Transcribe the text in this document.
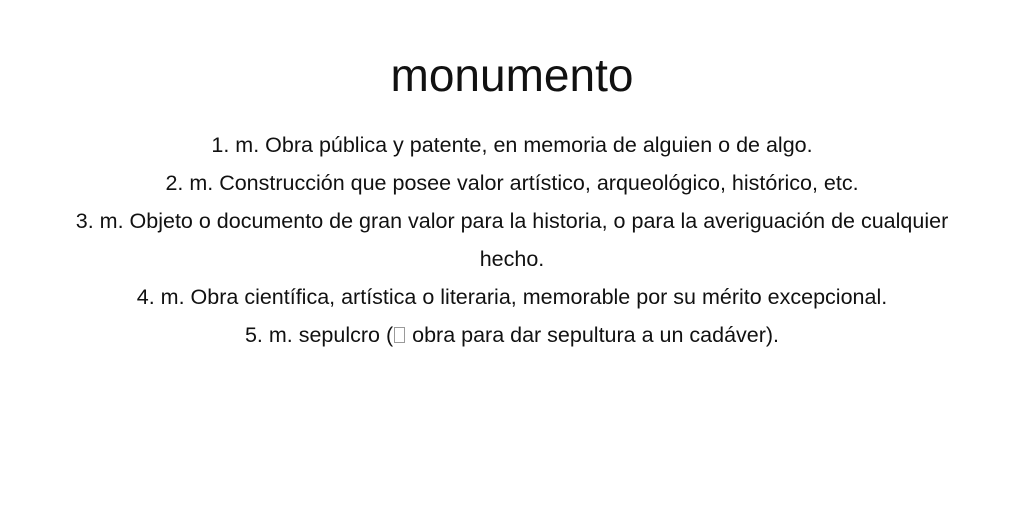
monumento

1. m. Obra pública y patente, en memoria de alguien o de algo.

2. m. Construcción que posee valor artístico, arqueológico, histórico, etc.

3. m. Objeto o documento de gran valor para la historia, o para la averiguación de cualquier hecho.

4. m. Obra científica, artística o literaria, memorable por su mérito excepcional.

5. m. sepulcro ( obra para dar sepultura a un cadáver).
